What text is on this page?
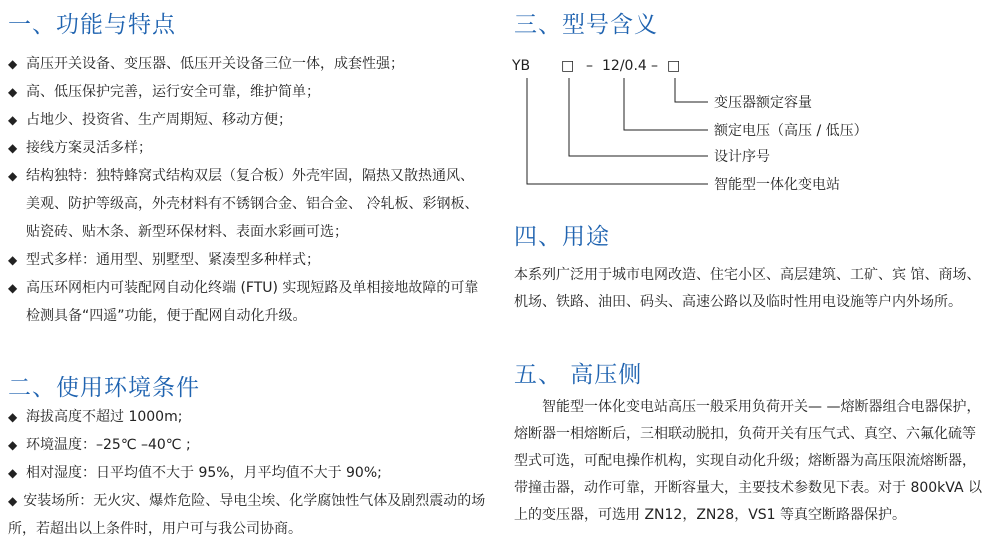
一、功能与特点
◆ 高压开关设备、变压器、低压开关设备三位一体，成套性强；
◆ 高、低压保护完善，运行安全可靠，维护简单；
◆ 占地少、投资省、生产周期短、移动方便；
◆ 接线方案灵活多样；
◆ 结构独特：独特蜂窝式结构双层（复合板）外壳牢固，隔热又散热通风、美观、防护等级高，外壳材料有不锈钢合金、铝合金、 冷轧板、彩钢板、贴瓷砖、贴木条、新型环保材料、表面水彩画可选；
◆ 型式多样：通用型、别墅型、紧凑型多种样式；
◆ 高压环网柜内可装配网自动化终端 (FTU) 实现短路及单相接地故障的可靠检测具备“四遥”功能，便于配网自动化升级。
二、使用环境条件
◆ 海拔高度不超过 1000m;
◆ 环境温度：–25℃ –40℃ ;
◆ 相对湿度：日平均值不大于 95%，月平均值不大于 90%;
◆ 安装场所：无火灾、爆炸危险、导电尘埃、化学腐蚀性气体及剧烈震动的场所，若超出以上条件时，用户可与我公司协商。
三、型号含义
YB □ – 12/0.4 – □
变压器额定容量
额定电压（高压 / 低压）
设计序号
智能型一体化变电站
四、用途

本系列广泛用于城市电网改造、住宅小区、高层建筑、工矿、宾 馆、商场、机场、铁路、油田、码头、高速公路以及临时性用电设施等户内外场所。

五、 高压侧

智能型一体化变电站高压一般采用负荷开关— —熔断器组合电器保护，熔断器一相熔断后，三相联动脱扣，负荷开关有压气式、真空、六氟化硫等型式可选，可配电操作机构，实现自动化升级；熔断器为高压限流熔断器，带撞击器，动作可靠，开断容量大，主要技术参数见下表。对于 800kVA 以上的变压器，可选用 ZN12，ZN28，VS1 等真空断路器保护。
